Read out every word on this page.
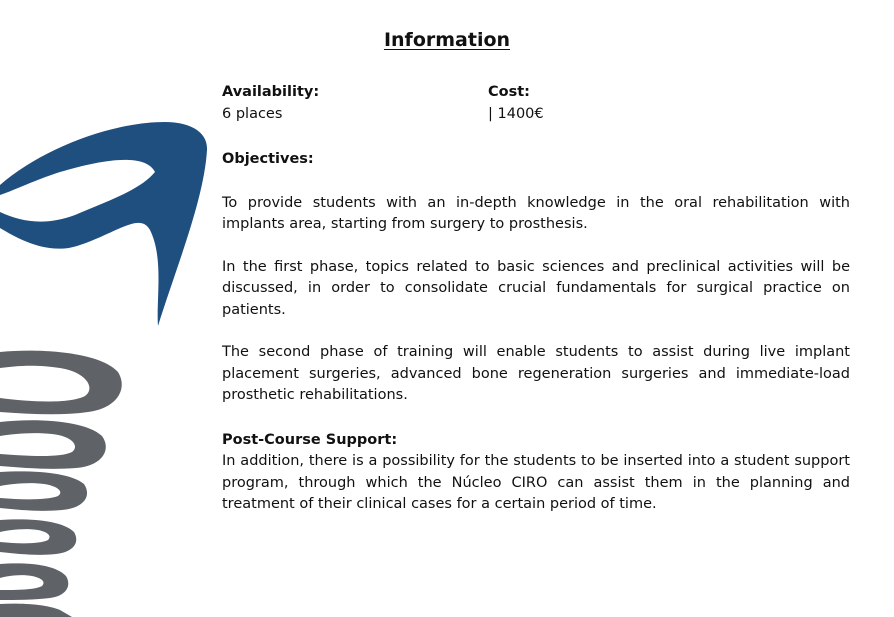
Information
Availability:
6 places
Cost:
| 1400€
Objectives:

To provide students with an in-depth knowledge in the oral rehabilitation with implants area, starting from surgery to prosthesis.

In the first phase, topics related to basic sciences and preclinical activities will be discussed, in order to consolidate crucial fundamentals for surgical practice on patients.

The second phase of training will enable students to assist during live implant placement surgeries, advanced bone regeneration surgeries and immediate-load prosthetic rehabilitations.

Post-Course Support:

In addition, there is a possibility for the students to be inserted into a student support program, through which the Núcleo CIRO can assist them in the planning and treatment of their clinical cases for a certain period of time.
